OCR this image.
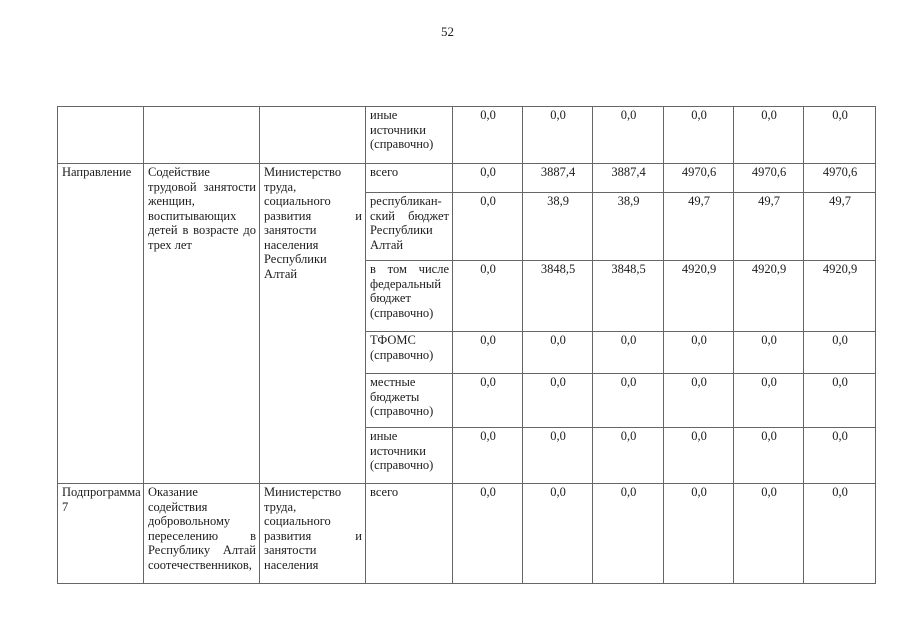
52
			иные источники (справочно)	0,0	0,0	0,0	0,0	0,0	0,0
Направление	Содействие трудовой занятости женщин, воспитывающих детей в возрасте до трех лет	Министерство труда, социального развития и занятости населения Республики Алтай	всего	0,0	3887,4	3887,4	4970,6	4970,6	4970,6
			республикан-ский бюджет Республики Алтай	0,0	38,9	38,9	49,7	49,7	49,7
			в том числе федеральный бюджет (справочно)	0,0	3848,5	3848,5	4920,9	4920,9	4920,9
			ТФОМС (справочно)	0,0	0,0	0,0	0,0	0,0	0,0
			местные бюджеты (справочно)	0,0	0,0	0,0	0,0	0,0	0,0
			иные источники (справочно)	0,0	0,0	0,0	0,0	0,0	0,0
Подпрограмма 7	Оказание содействия добровольному переселению в Республику Алтай соотечественников,	Министерство труда, социального развития и занятости населения	всего	0,0	0,0	0,0	0,0	0,0	0,0
